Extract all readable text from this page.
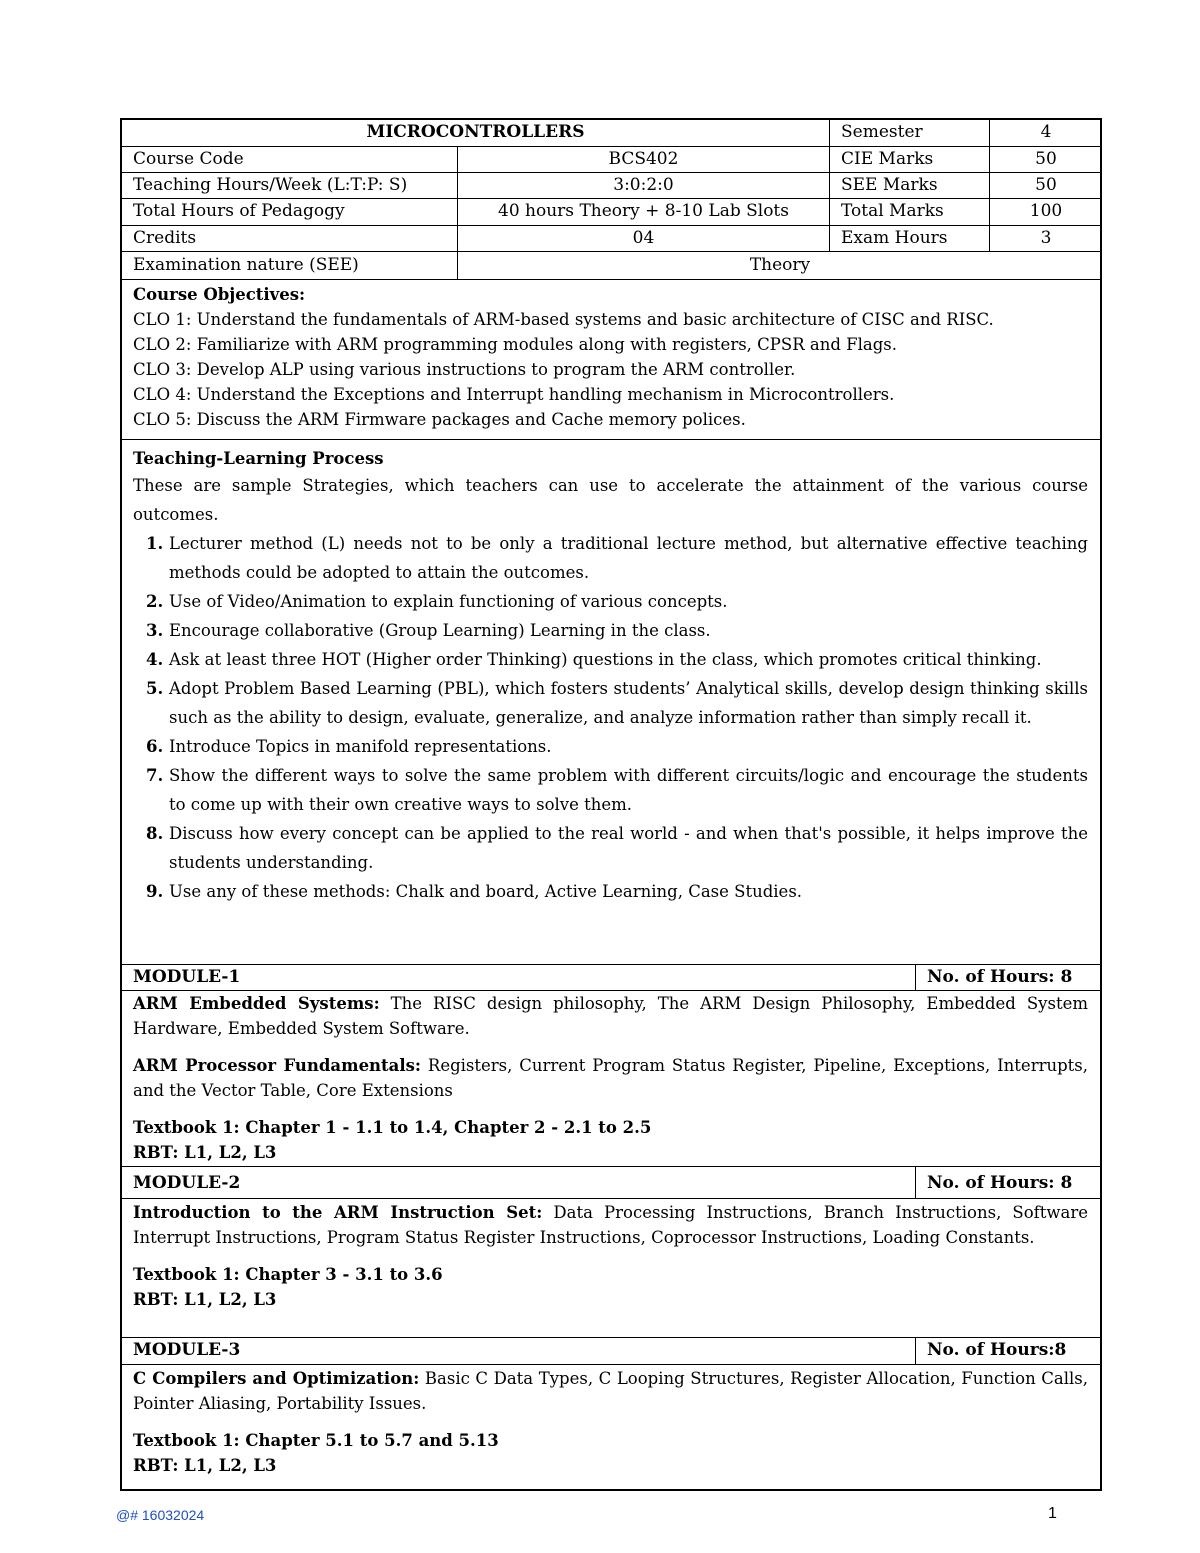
MICROCONTROLLERS	Semester	4
Course Code	BCS402	CIE Marks	50
Teaching Hours/Week (L:T:P: S)	3:0:2:0	SEE Marks	50
Total Hours of Pedagogy	40 hours Theory + 8-10 Lab Slots	Total Marks	100
Credits	04	Exam Hours	3
Examination nature (SEE)	Theory

Course Objectives:

CLO 1: Understand the fundamentals of ARM-based systems and basic architecture of CISC and RISC.

CLO 2: Familiarize with ARM programming modules along with registers, CPSR and Flags.

CLO 3: Develop ALP using various instructions to program the ARM controller.

CLO 4: Understand the Exceptions and Interrupt handling mechanism in Microcontrollers.

CLO 5: Discuss the ARM Firmware packages and Cache memory polices.

Teaching-Learning Process

These are sample Strategies, which teachers can use to accelerate the attainment of the various course outcomes.

1. Lecturer method (L) needs not to be only a traditional lecture method, but alternative effective teaching methods could be adopted to attain the outcomes.
2. Use of Video/Animation to explain functioning of various concepts.
3. Encourage collaborative (Group Learning) Learning in the class.
4. Ask at least three HOT (Higher order Thinking) questions in the class, which promotes critical thinking.
5. Adopt Problem Based Learning (PBL), which fosters students’ Analytical skills, develop design thinking skills such as the ability to design, evaluate, generalize, and analyze information rather than simply recall it.
6. Introduce Topics in manifold representations.
7. Show the different ways to solve the same problem with different circuits/logic and encourage the students to come up with their own creative ways to solve them.
8. Discuss how every concept can be applied to the real world - and when that's possible, it helps improve the students understanding.
9. Use any of these methods: Chalk and board, Active Learning, Case Studies.
MODULE-1	No. of Hours: 8

ARM Embedded Systems: The RISC design philosophy, The ARM Design Philosophy, Embedded System Hardware, Embedded System Software.

ARM Processor Fundamentals: Registers, Current Program Status Register, Pipeline, Exceptions, Interrupts, and the Vector Table, Core Extensions

Textbook 1: Chapter 1 - 1.1 to 1.4, Chapter 2 - 2.1 to 2.5

RBT: L1, L2, L3

MODULE-2	No. of Hours: 8

Introduction to the ARM Instruction Set: Data Processing Instructions, Branch Instructions, Software Interrupt Instructions, Program Status Register Instructions, Coprocessor Instructions, Loading Constants.

Textbook 1: Chapter 3 - 3.1 to 3.6

RBT: L1, L2, L3

MODULE-3	No. of Hours:8

C Compilers and Optimization: Basic C Data Types, C Looping Structures, Register Allocation, Function Calls, Pointer Aliasing, Portability Issues.

Textbook 1: Chapter 5.1 to 5.7 and 5.13

RBT: L1, L2, L3

@# 16032024	1
